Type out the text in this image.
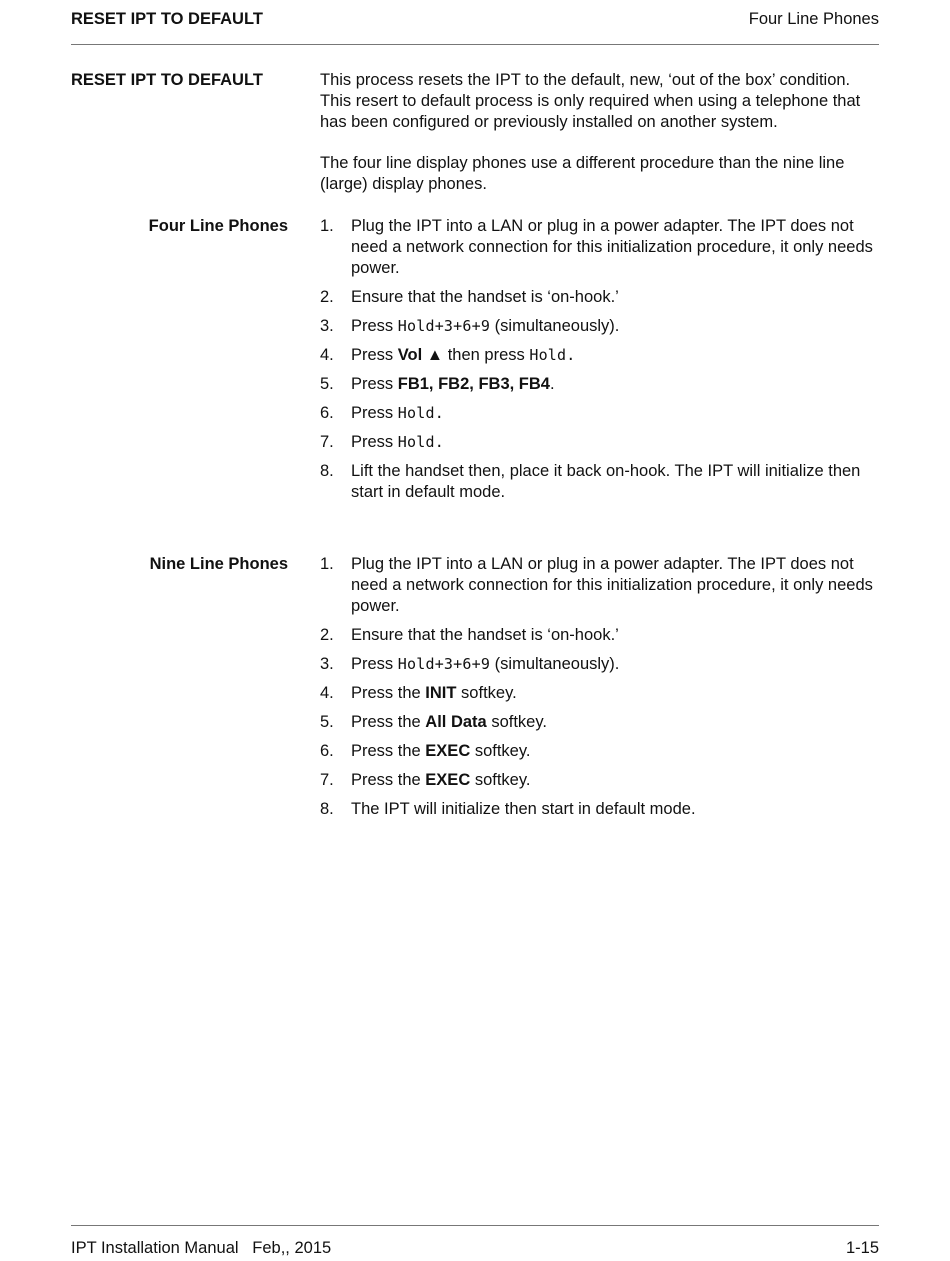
RESET IPT TO DEFAULT	Four Line Phones
RESET IPT TO DEFAULT	This process resets the IPT to the default, new, ‘out of the box’ condition. This resert to default process is only required when using a telephone that has been configured or previously installed on another system.

The four line display phones use a different procedure than the nine line (large) display phones.

Four Line Phones 1. Plug the IPT into a LAN or plug in a power adapter. The IPT does not need a network connection for this initialization procedure, it only needs power.
2. Ensure that the handset is ‘on-hook.’
3. Press Hold+3+6+9 (simultaneously).
4. Press Vol ▲ then press Hold.
5. Press FB1, FB2, FB3, FB4.
6. Press Hold.
7. Press Hold.
8. Lift the handset then, place it back on-hook. The IPT will initialize then start in default mode.
Nine Line Phones 1. Plug the IPT into a LAN or plug in a power adapter. The IPT does not need a network connection for this initialization procedure, it only needs power.
2. Ensure that the handset is ‘on-hook.’
3. Press Hold+3+6+9 (simultaneously).
4. Press the INIT softkey.
5. Press the All Data softkey.
6. Press the EXEC softkey.
7. Press the EXEC softkey.
8. The IPT will initialize then start in default mode.
IPT Installation Manual   Feb,, 2015	1-15
